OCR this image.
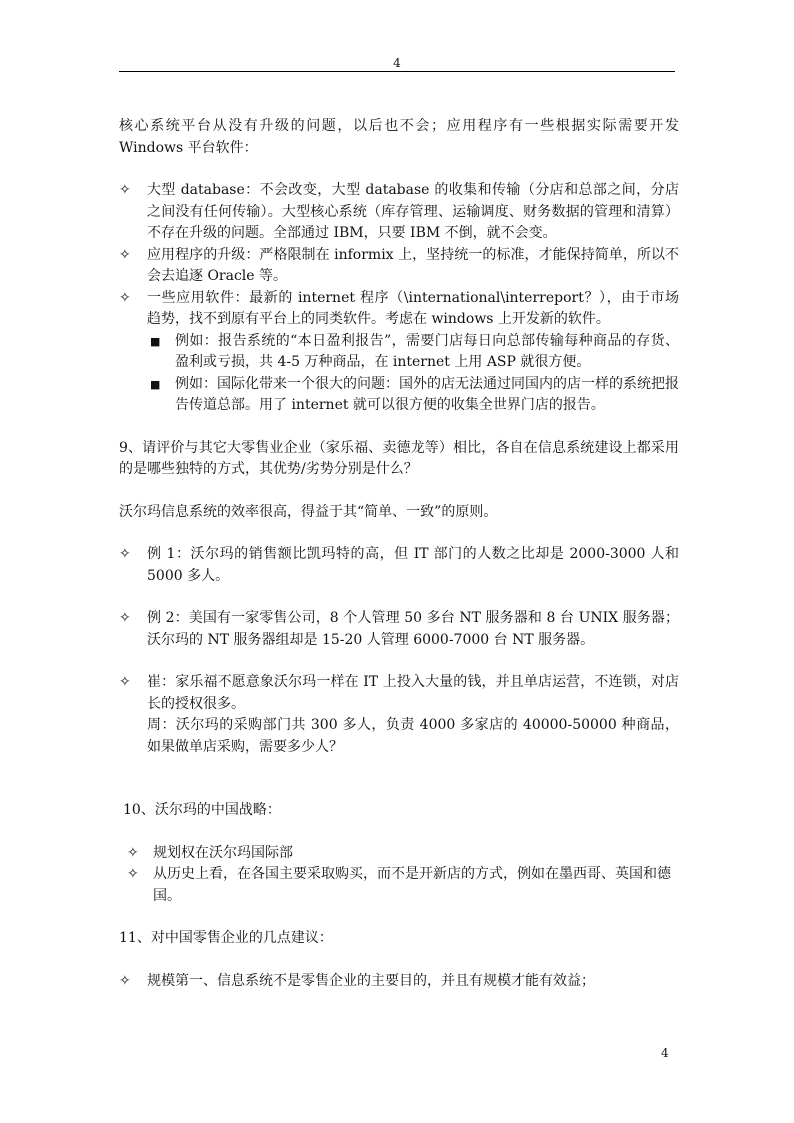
4

核心系统平台从没有升级的问题，以后也不会；应用程序有一些根据实际需要开发 Windows 平台软件：

✧ 大型 database：不会改变，大型 database 的收集和传输（分店和总部之间，分店之间没有任何传输）。大型核心系统（库存管理、运输调度、财务数据的管理和清算）不存在升级的问题。全部通过 IBM，只要 IBM 不倒，就不会变。
✧ 应用程序的升级：严格限制在 informix 上，坚持统一的标准，才能保持简单，所以不会去追逐 Oracle 等。
✧ 一些应用软件：最新的 internet 程序（\international\interreport？），由于市场趋势，找不到原有平台上的同类软件。考虑在 windows 上开发新的软件。
■ 例如：报告系统的“本日盈利报告”，需要门店每日向总部传输每种商品的存货、盈利或亏损，共 4-5 万种商品，在 internet 上用 ASP 就很方便。
■ 例如：国际化带来一个很大的问题：国外的店无法通过同国内的店一样的系统把报告传道总部。用了 internet 就可以很方便的收集全世界门店的报告。

9、请评价与其它大零售业企业（家乐福、卖德龙等）相比，各自在信息系统建设上都采用的是哪些独特的方式，其优势/劣势分别是什么？

沃尔玛信息系统的效率很高，得益于其“简单、一致”的原则。

✧ 例 1：沃尔玛的销售额比凯玛特的高，但 IT 部门的人数之比却是 2000-3000 人和 5000 多人。
✧ 例 2：美国有一家零售公司，8 个人管理 50 多台 NT 服务器和 8 台 UNIX 服务器；沃尔玛的 NT 服务器组却是 15-20 人管理 6000-7000 台 NT 服务器。
✧ 崔：家乐福不愿意象沃尔玛一样在 IT 上投入大量的钱，并且单店运营，不连锁，对店长的授权很多。

周：沃尔玛的采购部门共 300 多人，负责 4000 多家店的 40000-50000 种商品，如果做单店采购，需要多少人？

10、沃尔玛的中国战略：

✧ 规划权在沃尔玛国际部
✧ 从历史上看，在各国主要采取购买，而不是开新店的方式，例如在墨西哥、英国和德国。

11、对中国零售企业的几点建议：

✧ 规模第一、信息系统不是零售企业的主要目的，并且有规模才能有效益；
4
